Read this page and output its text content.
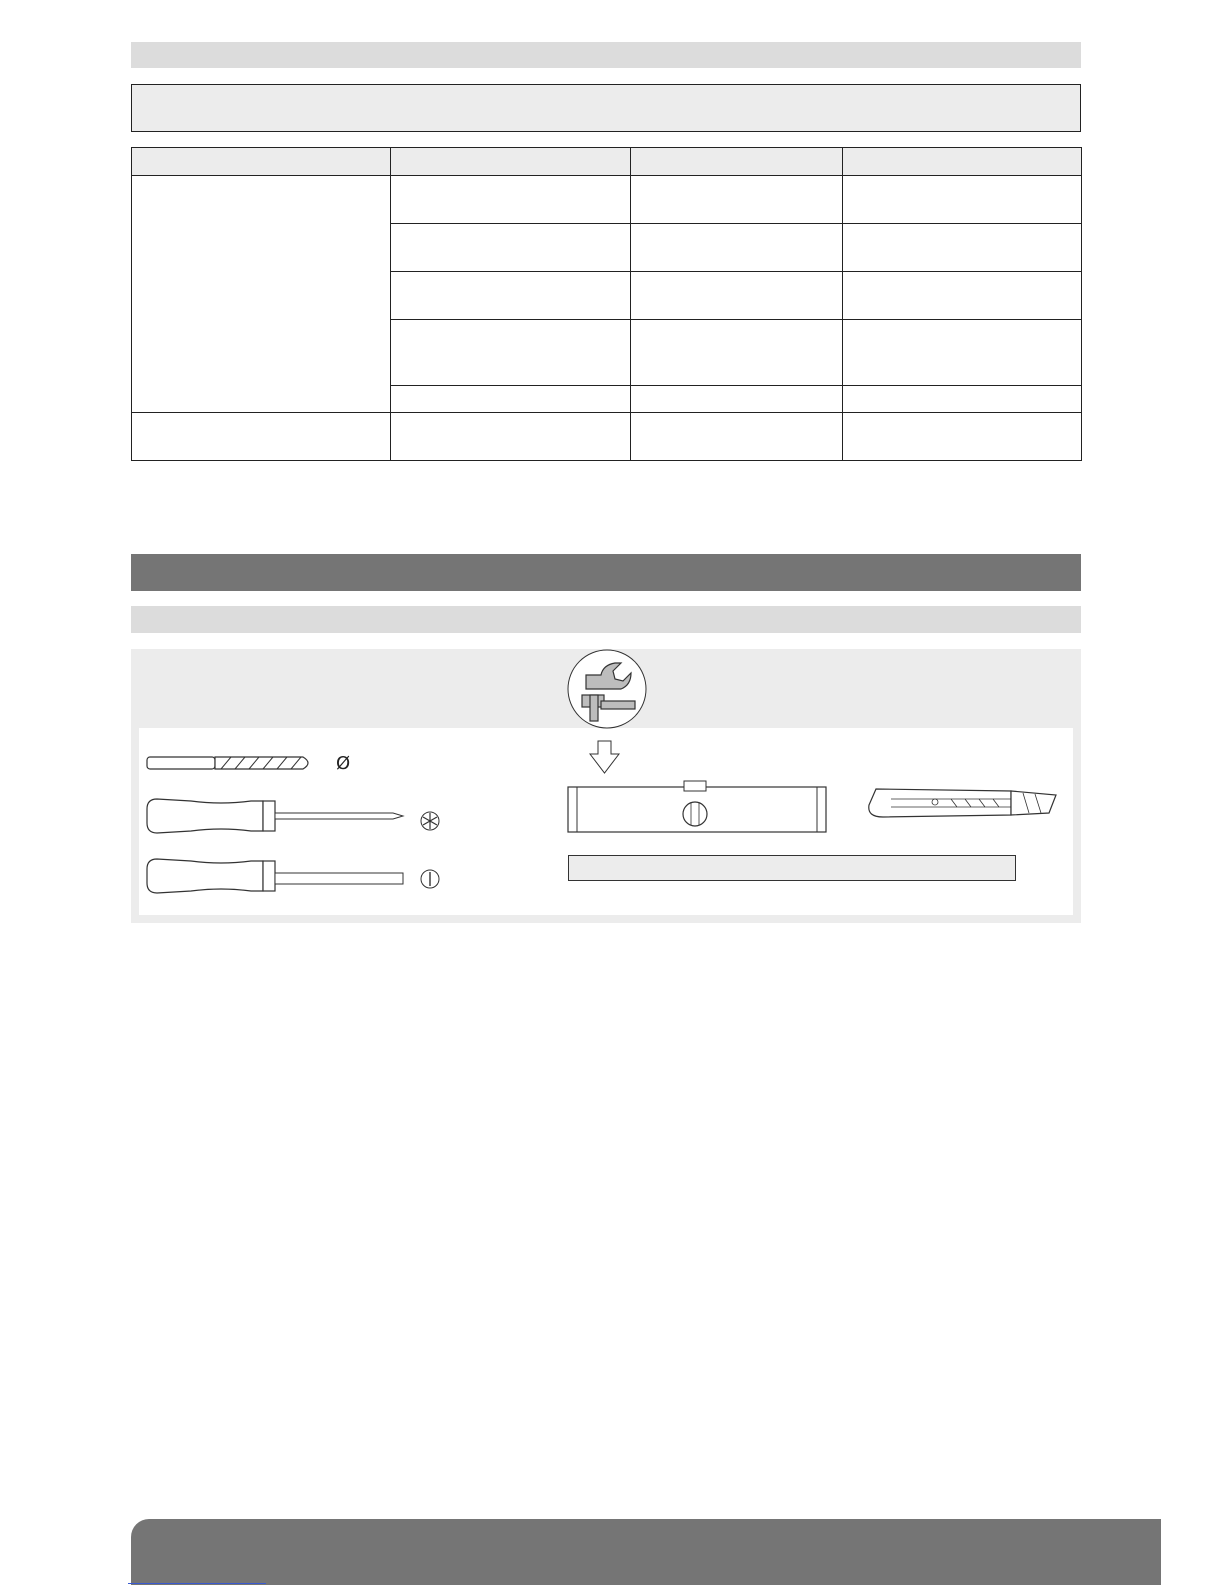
Ø
